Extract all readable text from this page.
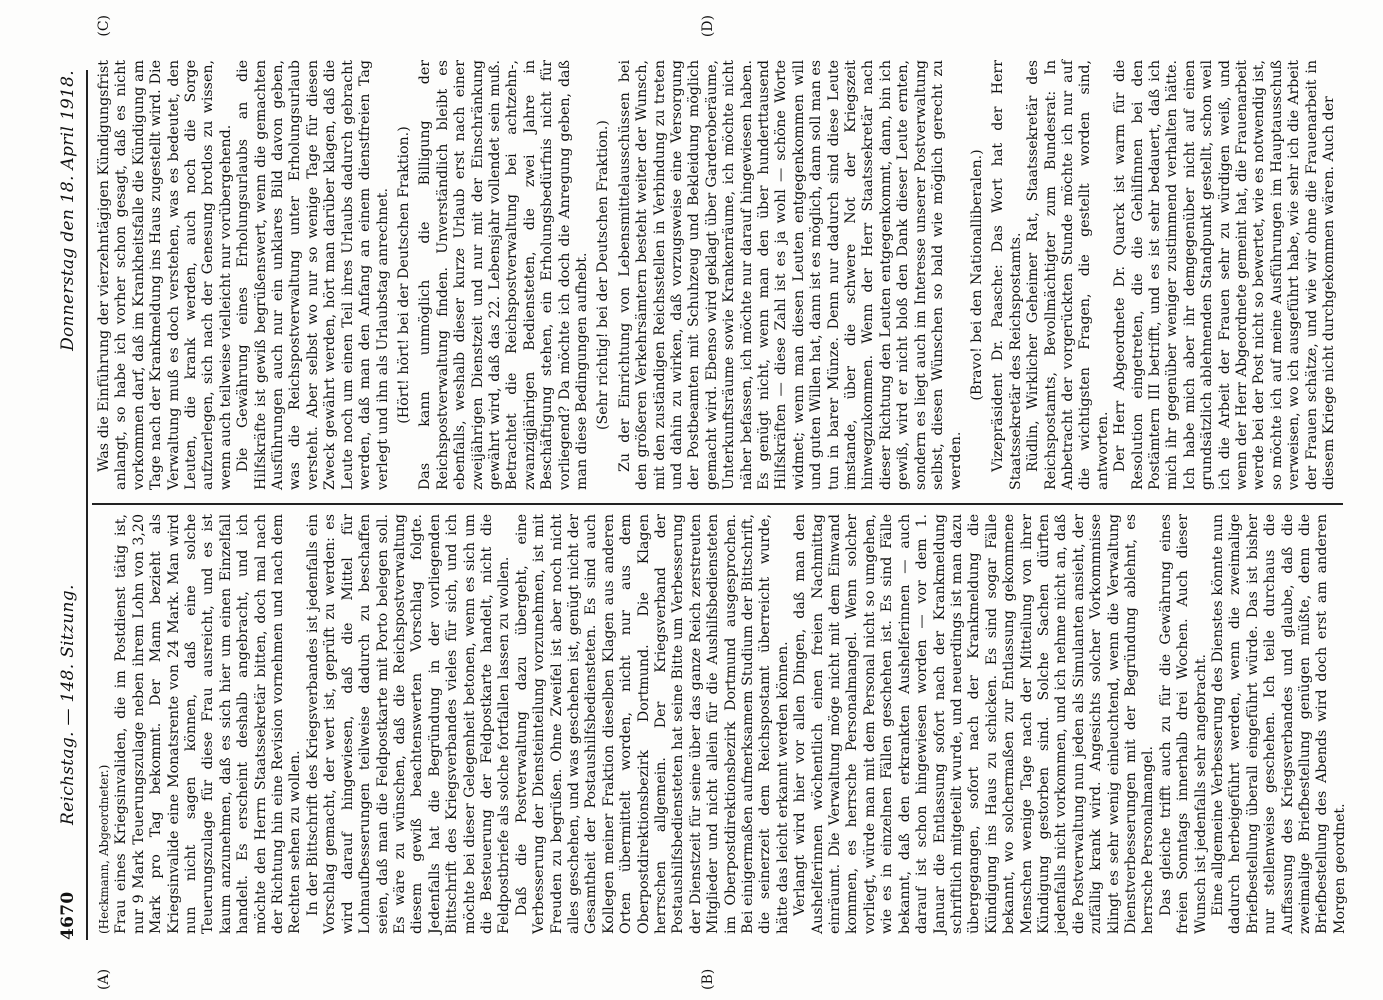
4670
Reichstag. — 148. Sitzung.
Donnerstag den 18. April 1918.
(A)	(B)
(C)	(D)

(Heckmann, Abgeordneter.) Frau eines Kriegsinvaliden, die im Postdienst tätig ist, nur 9 Mark Teuerungszulage neben ihrem Lohn von 3,20 Mark pro Tag bekommt. Der Mann bezieht als Kriegsinvalide eine Monatsrente von 24 Mark. Man wird nun nicht sagen können, daß eine solche Teuerungszulage für diese Frau ausreicht, und es ist kaum anzunehmen, daß es sich hier um einen Einzelfall handelt. Es erscheint deshalb angebracht, und ich möchte den Herrn Staatssekretär bitten, doch mal nach der Richtung hin eine Revision vornehmen und nach dem Rechten sehen zu wollen. In der Bittschrift des Kriegsverbandes ist jedenfalls ein Vorschlag gemacht, der wert ist, geprüft zu werden: es wird darauf hingewiesen, daß die Mittel für Lohnaufbesserungen teilweise dadurch zu beschaffen seien, daß man die Feldpostkarte mit Porto belegen soll. Es wäre zu wünschen, daß die Reichspostverwaltung diesem gewiß beachtenswerten Vorschlag folgte. Jedenfalls hat die Begründung in der vorliegenden Bittschrift des Kriegsverbandes vieles für sich, und ich möchte bei dieser Gelegenheit betonen, wenn es sich um die Besteuerung der Feldpostkarte handelt, nicht die Feldpostbriefe als solche fortfallen lassen zu wollen. Daß die Postverwaltung dazu übergeht, eine Verbesserung der Diensteinteilung vorzunehmen, ist mit Freuden zu begrüßen. Ohne Zweifel ist aber noch nicht alles geschehen, und was geschehen ist, genügt nicht der Gesamtheit der Postaushilfsbediensteten. Es sind auch Kollegen meiner Fraktion dieselben Klagen aus anderen Orten übermittelt worden, nicht nur aus dem Oberpostdirektionsbezirk Dortmund. Die Klagen herrschen allgemein. Der Kriegsverband der Postaushilfsbediensteten hat seine Bitte um Verbesserung der Dienstzeit für seine über das ganze Reich zerstreuten Mitglieder und nicht allein für die Aushilfsbediensteten im Oberpostdirektionsbezirk Dortmund ausgesprochen. Bei einigermaßen aufmerksamem Studium der Bittschrift, die seinerzeit dem Reichspostamt überreicht wurde, hätte das leicht erkannt werden können. Verlangt wird hier vor allen Dingen, daß man den Aushelferinnen wöchentlich einen freien Nachmittag einräumt. Die Verwaltung möge nicht mit dem Einwand kommen, es herrsche Personalmangel. Wenn solcher vorliegt, würde man mit dem Personal nicht so umgehen, wie es in einzelnen Fällen geschehen ist. Es sind Fälle bekannt, daß den erkrankten Aushelferinnen — auch darauf ist schon hingewiesen worden — vor dem 1. Januar die Entlassung sofort nach der Krankmeldung schriftlich mitgeteilt wurde, und neuerdings ist man dazu übergegangen, sofort nach der Krankmeldung die Kündigung ins Haus zu schicken. Es sind sogar Fälle bekannt, wo solchermaßen zur Entlassung gekommene Menschen wenige Tage nach der Mitteilung von ihrer Kündigung gestorben sind. Solche Sachen dürften jedenfalls nicht vorkommen, und ich nehme nicht an, daß die Postverwaltung nun jeden als Simulanten ansieht, der zufällig krank wird. Angesichts solcher Vorkommnisse klingt es sehr wenig einleuchtend, wenn die Verwaltung Dienstverbesserungen mit der Begründung ablehnt, es herrsche Personalmangel. Das gleiche trifft auch zu für die Gewährung eines freien Sonntags innerhalb drei Wochen. Auch dieser Wunsch ist jedenfalls sehr angebracht. Eine allgemeine Verbesserung des Dienstes könnte nun dadurch herbeigeführt werden, wenn die zweimalige Briefbestellung überall eingeführt würde. Das ist bisher nur stellenweise geschehen. Ich teile durchaus die Auffassung des Kriegsverbandes und glaube, daß die zweimalige Briefbestellung genügen müßte, denn die Briefbestellung des Abends wird doch erst am anderen Morgen geordnet.

Was die Einführung der vierzehntägigen Kündigungsfrist anlangt, so habe ich vorher schon gesagt, daß es nicht vorkommen darf, daß im Krankheitsfalle die Kündigung am Tage nach der Krankmeldung ins Haus zugestellt wird. Die Verwaltung muß es doch verstehen, was es bedeutet, den Leuten, die krank werden, auch noch die Sorge aufzuerlegen, sich nach der Genesung brotlos zu wissen, wenn auch teilweise vielleicht nur vorübergehend. Die Gewährung eines Erholungsurlaubs an die Hilfskräfte ist gewiß begrüßenswert, wenn die gemachten Ausführungen auch nur ein unklares Bild davon geben, was die Reichspostverwaltung unter Erholungsurlaub versteht. Aber selbst wo nur so wenige Tage für diesen Zweck gewährt werden, hört man darüber klagen, daß die Leute noch um einen Teil ihres Urlaubs dadurch gebracht werden, daß man den Anfang an einem dienstfreien Tag verlegt und ihn als Urlaubstag anrechnet. (Hört! hört! bei der Deutschen Fraktion.) Das kann unmöglich die Billigung der Reichspostverwaltung finden. Unverständlich bleibt es ebenfalls, weshalb dieser kurze Urlaub erst nach einer zweijährigen Dienstzeit und nur mit der Einschränkung gewährt wird, daß das 22. Lebensjahr vollendet sein muß. Betrachtet die Reichspostverwaltung bei achtzehn-, zwanzigjährigen Bediensteten, die zwei Jahre in Beschäftigung stehen, ein Erholungsbedürfnis nicht für vorliegend? Da möchte ich doch die Anregung geben, daß man diese Bedingungen aufhebt. (Sehr richtig! bei der Deutschen Fraktion.) Zu der Einrichtung von Lebensmittelausschüssen bei den größeren Verkehrsämtern besteht weiter der Wunsch, mit den zuständigen Reichsstellen in Verbindung zu treten und dahin zu wirken, daß vorzugsweise eine Versorgung der Postbeamten mit Schuhzeug und Bekleidung möglich gemacht wird. Ebenso wird geklagt über Garderoberäume, Unterkunftsräume sowie Krankenräume, ich möchte nicht näher befassen, ich möchte nur darauf hingewiesen haben. Es genügt nicht, wenn man den über hunderttausend Hilfskräften — diese Zahl ist es ja wohl — schöne Worte widmet; wenn man diesen Leuten entgegenkommen will und guten Willen hat, dann ist es möglich, dann soll man es tun in barer Münze. Denn nur dadurch sind diese Leute imstande, über die schwere Not der Kriegszeit hinwegzukommen. Wenn der Herr Staatssekretär nach dieser Richtung den Leuten entgegenkommt, dann, bin ich gewiß, wird er nicht bloß den Dank dieser Leute ernten, sondern es liegt auch im Interesse unserer Postverwaltung selbst, diesen Wünschen so bald wie möglich gerecht zu werden.

(Bravo! bei den Nationalliberalen.) Vizepräsident Dr. Paasche: Das Wort hat der Herr Staatssekretär des Reichspostamts. Rüdlin, Wirklicher Geheimer Rat, Staatssekretär des Reichspostamts, Bevollmächtigter zum Bundesrat: In Anbetracht der vorgerückten Stunde möchte ich nur auf die wichtigsten Fragen, die gestellt worden sind, antworten. Der Herr Abgeordnete Dr. Quarck ist warm für die Resolution eingetreten, die die Gehilfinnen bei den Postämtern III betrifft, und es ist sehr bedauert, daß ich mich ihr gegenüber weniger zustimmend verhalten hätte. Ich habe mich aber ihr demgegenüber nicht auf einen grundsätzlich ablehnenden Standpunkt gestellt, schon weil ich die Arbeit der Frauen sehr zu würdigen weiß, und wenn der Herr Abgeordnete gemeint hat, die Frauenarbeit werde bei der Post nicht so bewertet, wie es notwendig ist, so möchte ich auf meine Ausführungen im Hauptausschuß verweisen, wo ich ausgeführt habe, wie sehr ich die Arbeit der Frauen schätze, und wie wir ohne die Frauenarbeit in diesem Kriege nicht durchgekommen wären. Auch der
